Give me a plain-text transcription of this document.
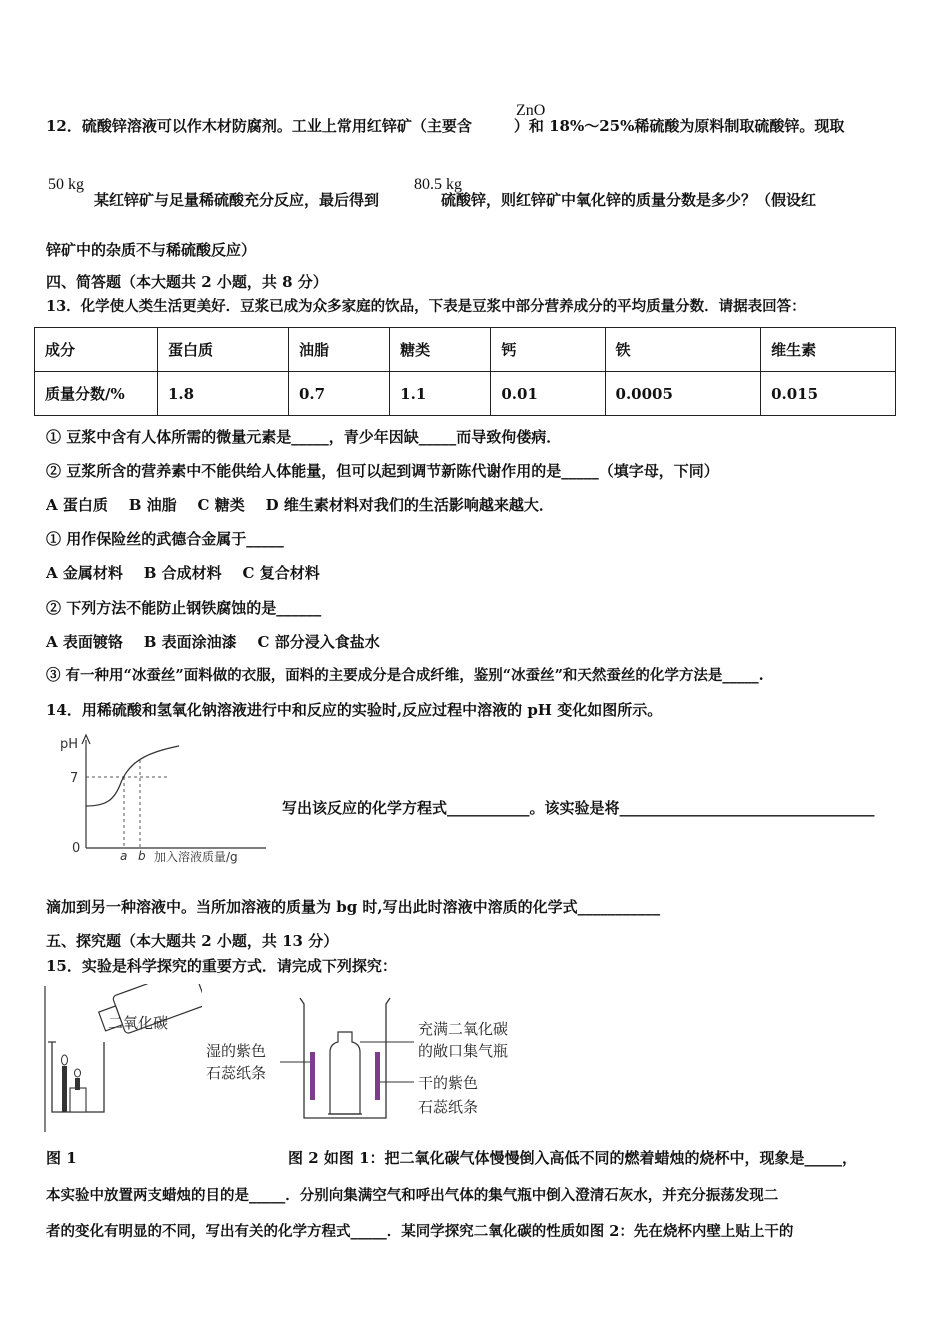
12．硫酸锌溶液可以作木材防腐剂。工业上常用红锌矿（主要含	）和 18%～25%稀硫酸为原料制取硫酸锌。现取
ZnO
某红锌矿与足量稀硫酸充分反应，最后得到	硫酸锌，则红锌矿中氧化锌的质量分数是多少？（假设红
50 kg	80.5 kg
锌矿中的杂质不与稀硫酸反应）
四、简答题（本大题共 2 小题，共 8 分）
13．化学使人类生活更美好．豆浆已成为众多家庭的饮品，下表是豆浆中部分营养成分的平均质量分数．请据表回答：
成分	蛋白质	油脂	糖类	钙	铁	维生素
质量分数/%	1.8	0.7	1.1	0.01	0.0005	0.015
① 豆浆中含有人体所需的微量元素是_____，青少年因缺_____而导致佝偻病．
② 豆浆所含的营养素中不能供给人体能量，但可以起到调节新陈代谢作用的是_____（填字母，下同）
A 蛋白质    B 油脂    C 糖类    D 维生素材料对我们的生活影响越来越大．
① 用作保险丝的武德合金属于_____
A 金属材料    B 合成材料    C 复合材料
② 下列方法不能防止钢铁腐蚀的是______
A 表面镀铬    B 表面涂油漆    C 部分浸入食盐水
③ 有一种用“冰蚕丝”面料做的衣服，面料的主要成分是合成纤维，鉴别“冰蚕丝”和天然蚕丝的化学方法是_____.
14．用稀硫酸和氢氧化钠溶液进行中和反应的实验时,反应过程中溶液的 pH 变化如图所示。
pH
7
0	a b 加入溶液质量/g
写出该反应的化学方程式___________。该实验是将__________________________________
滴加到另一种溶液中。当所加溶液的质量为 bg 时,写出此时溶液中溶质的化学式___________
五、探究题（本大题共 2 小题，共 13 分）
15．实验是科学探究的重要方式．请完成下列探究：
二氧化碳
湿的紫色
石蕊纸条
充满二氧化碳
的敞口集气瓶
干的紫色
石蕊纸条
图 1	图 2 如图 1：把二氧化碳气体慢慢倒入高低不同的燃着蜡烛的烧杯中，现象是_____，
本实验中放置两支蜡烛的目的是_____．分别向集满空气和呼出气体的集气瓶中倒入澄清石灰水，并充分振荡发现二
者的变化有明显的不同，写出有关的化学方程式_____．某同学探究二氧化碳的性质如图 2：先在烧杯内壁上贴上干的
